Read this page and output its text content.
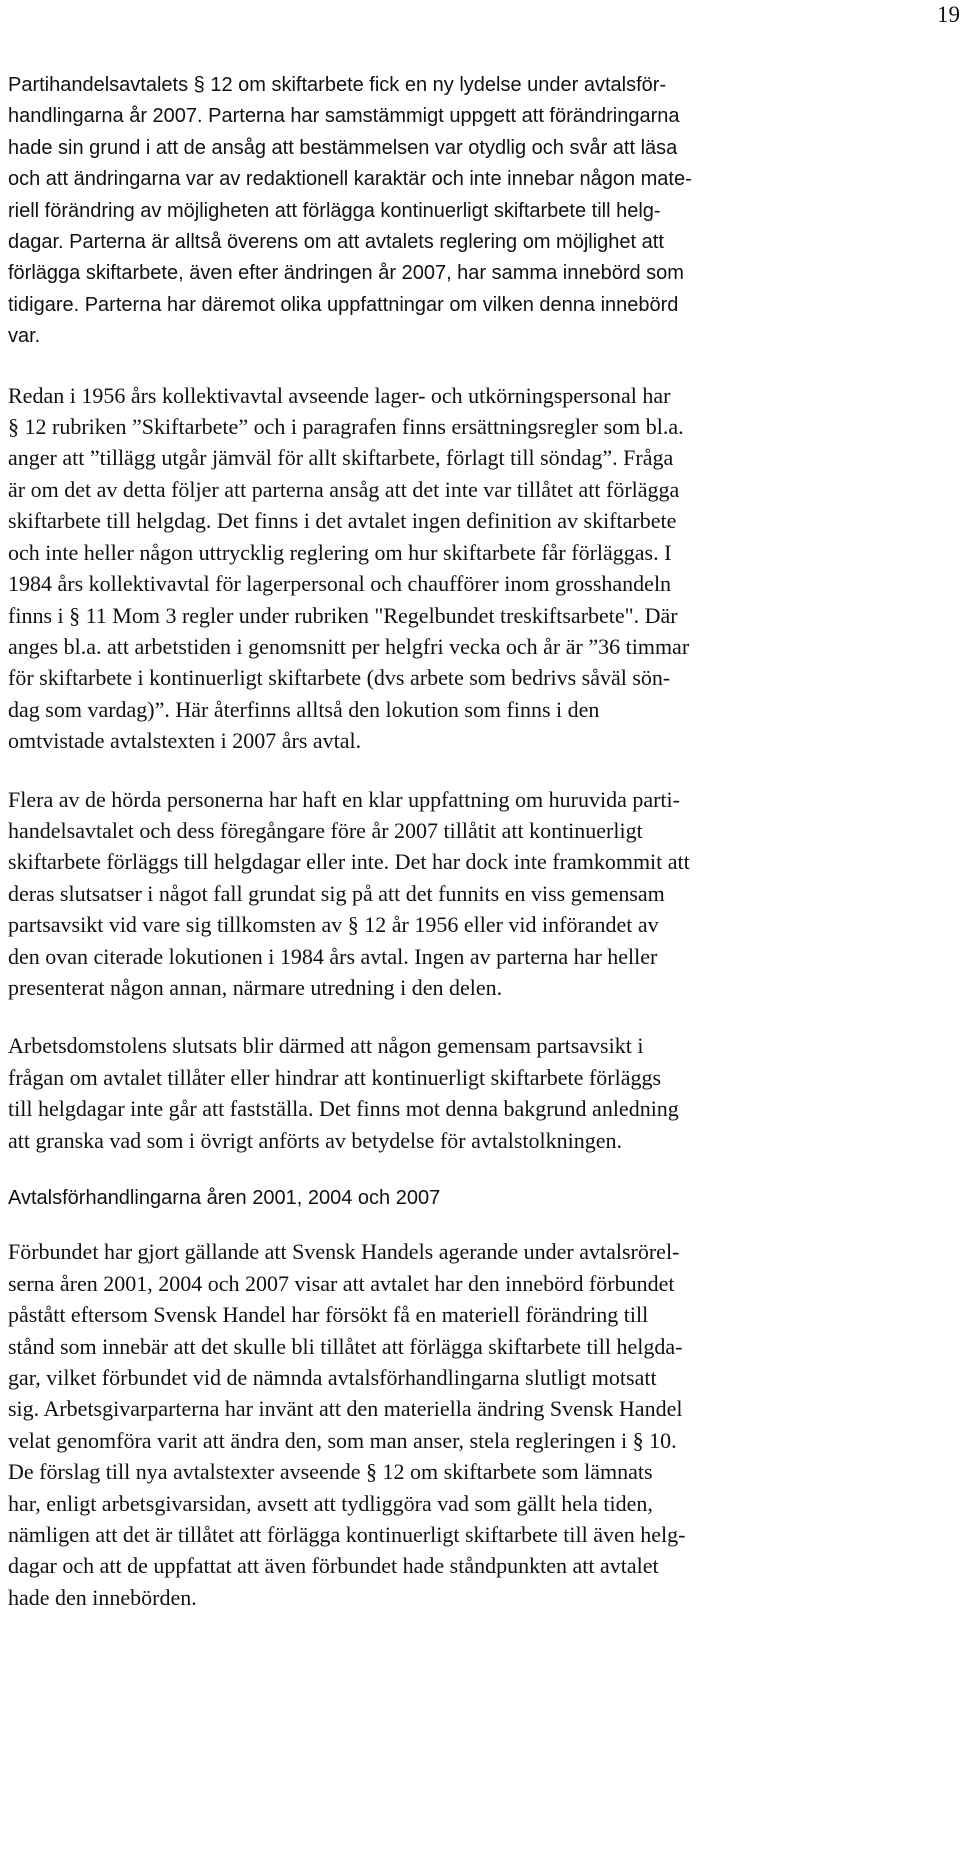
19

Partihandelsavtalets § 12 om skiftarbete fick en ny lydelse under avtalsför-
handlingarna år 2007. Parterna har samstämmigt uppgett att förändringarna
hade sin grund i att de ansåg att bestämmelsen var otydlig och svår att läsa
och att ändringarna var av redaktionell karaktär och inte innebar någon mate-
riell förändring av möjligheten att förlägga kontinuerligt skiftarbete till helg-
dagar. Parterna är alltså överens om att avtalets reglering om möjlighet att
förlägga skiftarbete, även efter ändringen år 2007, har samma innebörd som
tidigare. Parterna har däremot olika uppfattningar om vilken denna innebörd
var.

Redan i 1956 års kollektivavtal avseende lager- och utkörningspersonal har
§ 12 rubriken ”Skiftarbete” och i paragrafen finns ersättningsregler som bl.a.
anger att ”tillägg utgår jämväl för allt skiftarbete, förlagt till söndag”. Fråga
är om det av detta följer att parterna ansåg att det inte var tillåtet att förlägga
skiftarbete till helgdag. Det finns i det avtalet ingen definition av skiftarbete
och inte heller någon uttrycklig reglering om hur skiftarbete får förläggas. I
1984 års kollektivavtal för lagerpersonal och chaufförer inom grosshandeln
finns i § 11 Mom 3 regler under rubriken "Regelbundet treskiftsarbete". Där
anges bl.a. att arbetstiden i genomsnitt per helgfri vecka och år är ”36 timmar
för skiftarbete i kontinuerligt skiftarbete (dvs arbete som bedrivs såväl sön-
dag som vardag)”. Här återfinns alltså den lokution som finns i den
omtvistade avtalstexten i 2007 års avtal.

Flera av de hörda personerna har haft en klar uppfattning om huruvida parti-
handelsavtalet och dess föregångare före år 2007 tillåtit att kontinuerligt
skiftarbete förläggs till helgdagar eller inte. Det har dock inte framkommit att
deras slutsatser i något fall grundat sig på att det funnits en viss gemensam
partsavsikt vid vare sig tillkomsten av § 12 år 1956 eller vid införandet av
den ovan citerade lokutionen i 1984 års avtal. Ingen av parterna har heller
presenterat någon annan, närmare utredning i den delen.

Arbetsdomstolens slutsats blir därmed att någon gemensam partsavsikt i
frågan om avtalet tillåter eller hindrar att kontinuerligt skiftarbete förläggs
till helgdagar inte går att fastställa. Det finns mot denna bakgrund anledning
att granska vad som i övrigt anförts av betydelse för avtalstolkningen.

Avtalsförhandlingarna åren 2001, 2004 och 2007

Förbundet har gjort gällande att Svensk Handels agerande under avtalsrörel-
serna åren 2001, 2004 och 2007 visar att avtalet har den innebörd förbundet
påstått eftersom Svensk Handel har försökt få en materiell förändring till
stånd som innebär att det skulle bli tillåtet att förlägga skiftarbete till helgda-
gar, vilket förbundet vid de nämnda avtalsförhandlingarna slutligt motsatt
sig. Arbetsgivarparterna har invänt att den materiella ändring Svensk Handel
velat genomföra varit att ändra den, som man anser, stela regleringen i § 10.
De förslag till nya avtalstexter avseende § 12 om skiftarbete som lämnats
har, enligt arbetsgivarsidan, avsett att tydliggöra vad som gällt hela tiden,
nämligen att det är tillåtet att förlägga kontinuerligt skiftarbete till även helg-
dagar och att de uppfattat att även förbundet hade ståndpunkten att avtalet
hade den innebörden.
